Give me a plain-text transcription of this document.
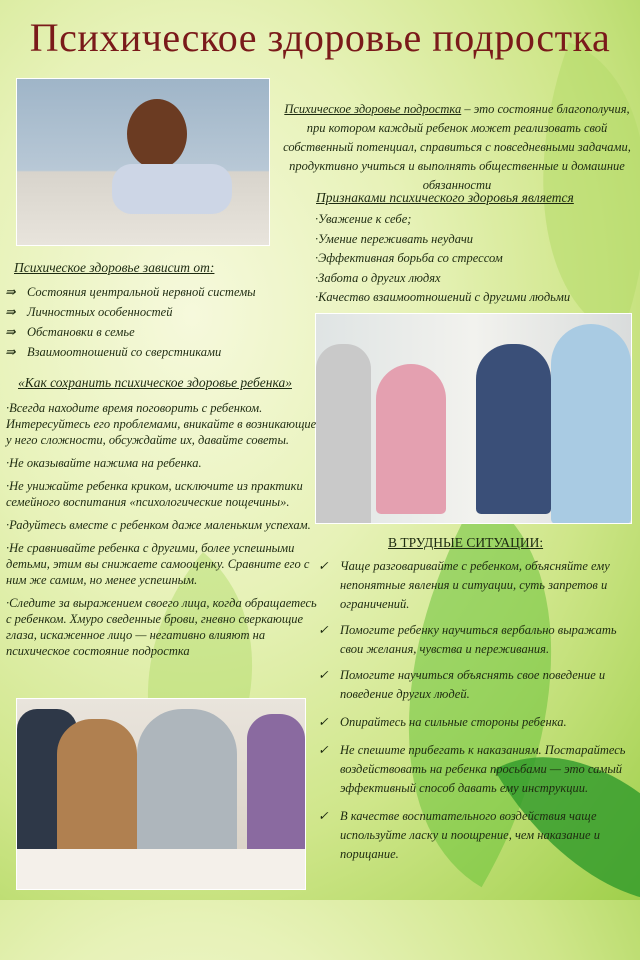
Психическое здоровье подростка
Психическое здоровье подростка – это состояние благополучия, при котором каждый ребенок может реализовать свой собственный потенциал, справиться с повседневными задачами, продуктивно учиться и выполнять общественные и домашние обязанности
Признаками психического здоровья является
·Уважение к себе;
·Умение переживать неудачи
·Эффективная борьба со стрессом
·Забота о других людях
·Качество взаимоотношений с другими людьми
Психическое здоровье зависит от:
⇛ Состояния центральной нервной системы
⇛ Личностных особенностей
⇛ Обстановки в семье
⇛ Взаимоотношений со сверстниками
«Как сохранить психическое здоровье ребенка»

·Всегда находите время поговорить с ребенком. Интересуйтесь его проблемами, вникайте в возникающие у него сложности, обсуждайте их, давайте советы.

·Не оказывайте нажима на ребенка.

·Не унижайте ребенка криком, исключите из практики семейного воспитания «психологические пощечины».

·Радуйтесь вместе с ребенком даже маленьким успехам.

·Не сравнивайте ребенка с другими, более успешными детьми, этим вы снижаете самооценку. Сравните его с ним же самим, но менее успешным.

·Следите за выражением своего лица, когда обращаетесь с ребенком. Хмуро сведенные брови, гневно сверкающие глаза, искаженное лицо — негативно влияют на психическое состояние подростка

В ТРУДНЫЕ СИТУАЦИИ:
✓ Чаще разговаривайте с ребенком, объясняйте ему непонятные явления и ситуации, суть запретов и ограничений.
✓ Помогите ребенку научиться вербально выражать свои желания, чувства и переживания.
✓ Помогите научиться объяснять свое поведение и поведение других людей.
✓ Опирайтесь на сильные стороны ребенка.
✓ Не спешите прибегать к наказаниям. Постарайтесь воздействовать на ребенка просьбами — это самый эффективный способ давать ему инструкции.
✓ В качестве воспитательного воздействия чаще используйте ласку и поощрение, чем наказание и порицание.
